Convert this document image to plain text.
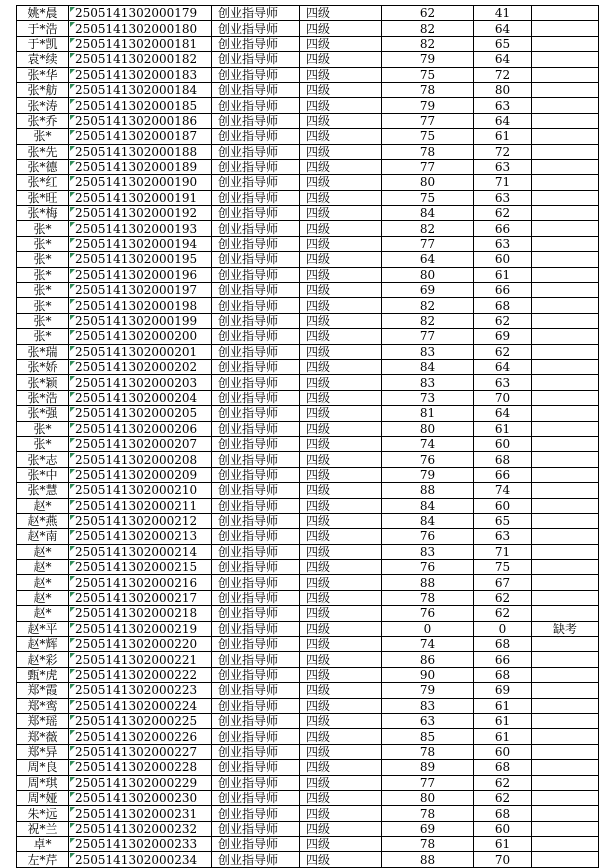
姚*晨	2505141302000179	创业指导师	四级	62	41	
于*浩	2505141302000180	创业指导师	四级	82	64	
于*凯	2505141302000181	创业指导师	四级	82	65	
袁*续	2505141302000182	创业指导师	四级	79	64	
张*华	2505141302000183	创业指导师	四级	75	72	
张*舫	2505141302000184	创业指导师	四级	78	80	
张*涛	2505141302000185	创业指导师	四级	79	63	
张*乔	2505141302000186	创业指导师	四级	77	64	
张*	2505141302000187	创业指导师	四级	75	61	
张*先	2505141302000188	创业指导师	四级	78	72	
张*德	2505141302000189	创业指导师	四级	77	63	
张*红	2505141302000190	创业指导师	四级	80	71	
张*旺	2505141302000191	创业指导师	四级	75	63	
张*梅	2505141302000192	创业指导师	四级	84	62	
张*	2505141302000193	创业指导师	四级	82	66	
张*	2505141302000194	创业指导师	四级	77	63	
张*	2505141302000195	创业指导师	四级	64	60	
张*	2505141302000196	创业指导师	四级	80	61	
张*	2505141302000197	创业指导师	四级	69	66	
张*	2505141302000198	创业指导师	四级	82	68	
张*	2505141302000199	创业指导师	四级	82	62	
张*	2505141302000200	创业指导师	四级	77	69	
张*瑞	2505141302000201	创业指导师	四级	83	62	
张*娇	2505141302000202	创业指导师	四级	84	64	
张*颖	2505141302000203	创业指导师	四级	83	63	
张*浩	2505141302000204	创业指导师	四级	73	70	
张*强	2505141302000205	创业指导师	四级	81	64	
张*	2505141302000206	创业指导师	四级	80	61	
张*	2505141302000207	创业指导师	四级	74	60	
张*志	2505141302000208	创业指导师	四级	76	68	
张*中	2505141302000209	创业指导师	四级	79	66	
张*慧	2505141302000210	创业指导师	四级	88	74	
赵*	2505141302000211	创业指导师	四级	84	60	
赵*燕	2505141302000212	创业指导师	四级	84	65	
赵*南	2505141302000213	创业指导师	四级	76	63	
赵*	2505141302000214	创业指导师	四级	83	71	
赵*	2505141302000215	创业指导师	四级	76	75	
赵*	2505141302000216	创业指导师	四级	88	67	
赵*	2505141302000217	创业指导师	四级	78	62	
赵*	2505141302000218	创业指导师	四级	76	62	
赵*平	2505141302000219	创业指导师	四级	0	0	缺考
赵*辉	2505141302000220	创业指导师	四级	74	68	
赵*彩	2505141302000221	创业指导师	四级	86	66	
甄*虎	2505141302000222	创业指导师	四级	90	68	
郑*霞	2505141302000223	创业指导师	四级	79	69	
郑*鸾	2505141302000224	创业指导师	四级	83	61	
郑*瑶	2505141302000225	创业指导师	四级	63	61	
郑*薇	2505141302000226	创业指导师	四级	85	61	
郑*异	2505141302000227	创业指导师	四级	78	60	
周*良	2505141302000228	创业指导师	四级	89	68	
周*琪	2505141302000229	创业指导师	四级	77	62	
周*娅	2505141302000230	创业指导师	四级	80	62	
朱*远	2505141302000231	创业指导师	四级	78	68	
祝*兰	2505141302000232	创业指导师	四级	69	60	
卓*	2505141302000233	创业指导师	四级	78	61	
左*芹	2505141302000234	创业指导师	四级	88	70	
